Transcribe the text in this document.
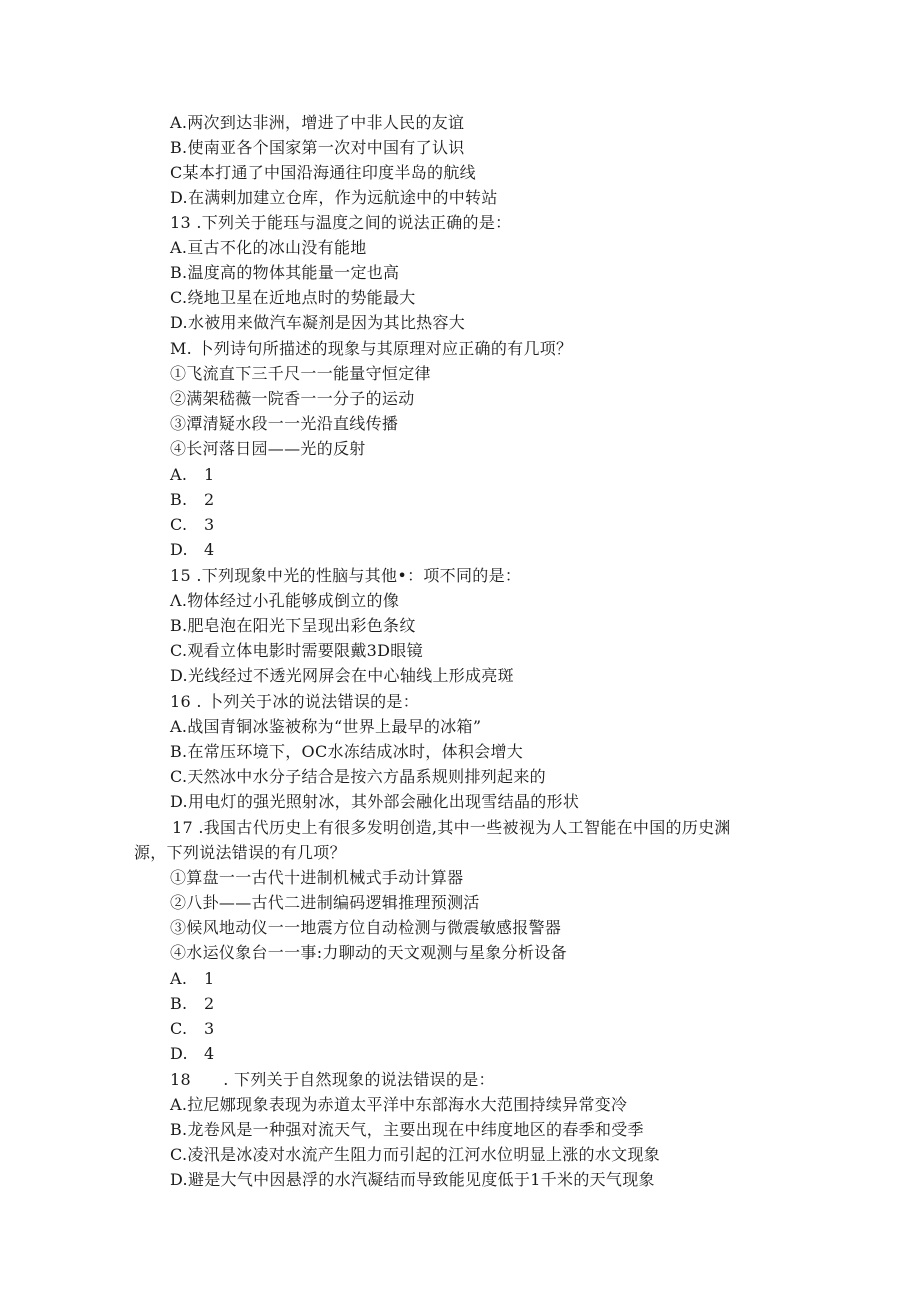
A.两次到达非洲，增进了中非人民的友谊
B.使南亚各个国家第一次对中国有了认识
C某本打通了中国沿海通往印度半岛的航线
D.在满剌加建立仓库，作为远航途中的中转站
13 .下列关于能珏与温度之间的说法正确的是：
A.亘古不化的冰山没有能地
B.温度高的物体其能量一定也高
C.绕地卫星在近地点时的势能最大
D.水被用来做汽车凝剂是因为其比热容大
M. 卜列诗句所描述的现象与其原理对应正确的有几项？
①飞流直下三千尺一一能量守恒定律
②满架嵇薇一院香一一分子的运动
③潭清疑水段一一光沿直线传播
④长河落日园——光的反射
A. 1
B. 2
C. 3
D. 4
15 .下列现象中光的性脑与其他•：项不同的是：
Λ.物体经过小孔能够成倒立的像
B.肥皂泡在阳光下呈现出彩色条纹
C.观看立体电影时需要限戴3D眼镜
D.光线经过不透光网屏会在中心轴线上形成亮斑
16 . 卜列关于冰的说法错误的是：
A.战国青铜冰鉴被称为“世界上最早的冰箱”
B.在常压环境下，OC水冻结成冰时，体积会增大
C.天然冰中水分子结合是按六方晶系规则排列起来的
D.用电灯的强光照射冰，其外部会融化出现雪结晶的形状
17 .我国古代历史上有很多发明创造,其中一些被视为人工智能在中国的历史渊
源，下列说法错误的有几项？
①算盘一一古代十进制机械式手动计算器
②八卦——古代二进制编码逻辑推理预测活
③候风地动仪一一地震方位自动检测与微震敏感报警器
④水运仪象台一一事:力聊动的天文观测与星象分析设备
A. 1
B. 2
C. 3
D. 4
18      . 下列关于自然现象的说法错误的是：
A.拉尼娜现象表现为赤道太平洋中东部海水大范围持续异常变冷
B.龙卷风是一种强对流天气，主要出现在中纬度地区的春季和受季
C.凌汛是冰凌对水流产生阻力而引起的江河水位明显上涨的水文现象
D.避是大气中因悬浮的水汽凝结而导致能见度低于1千米的天气现象
